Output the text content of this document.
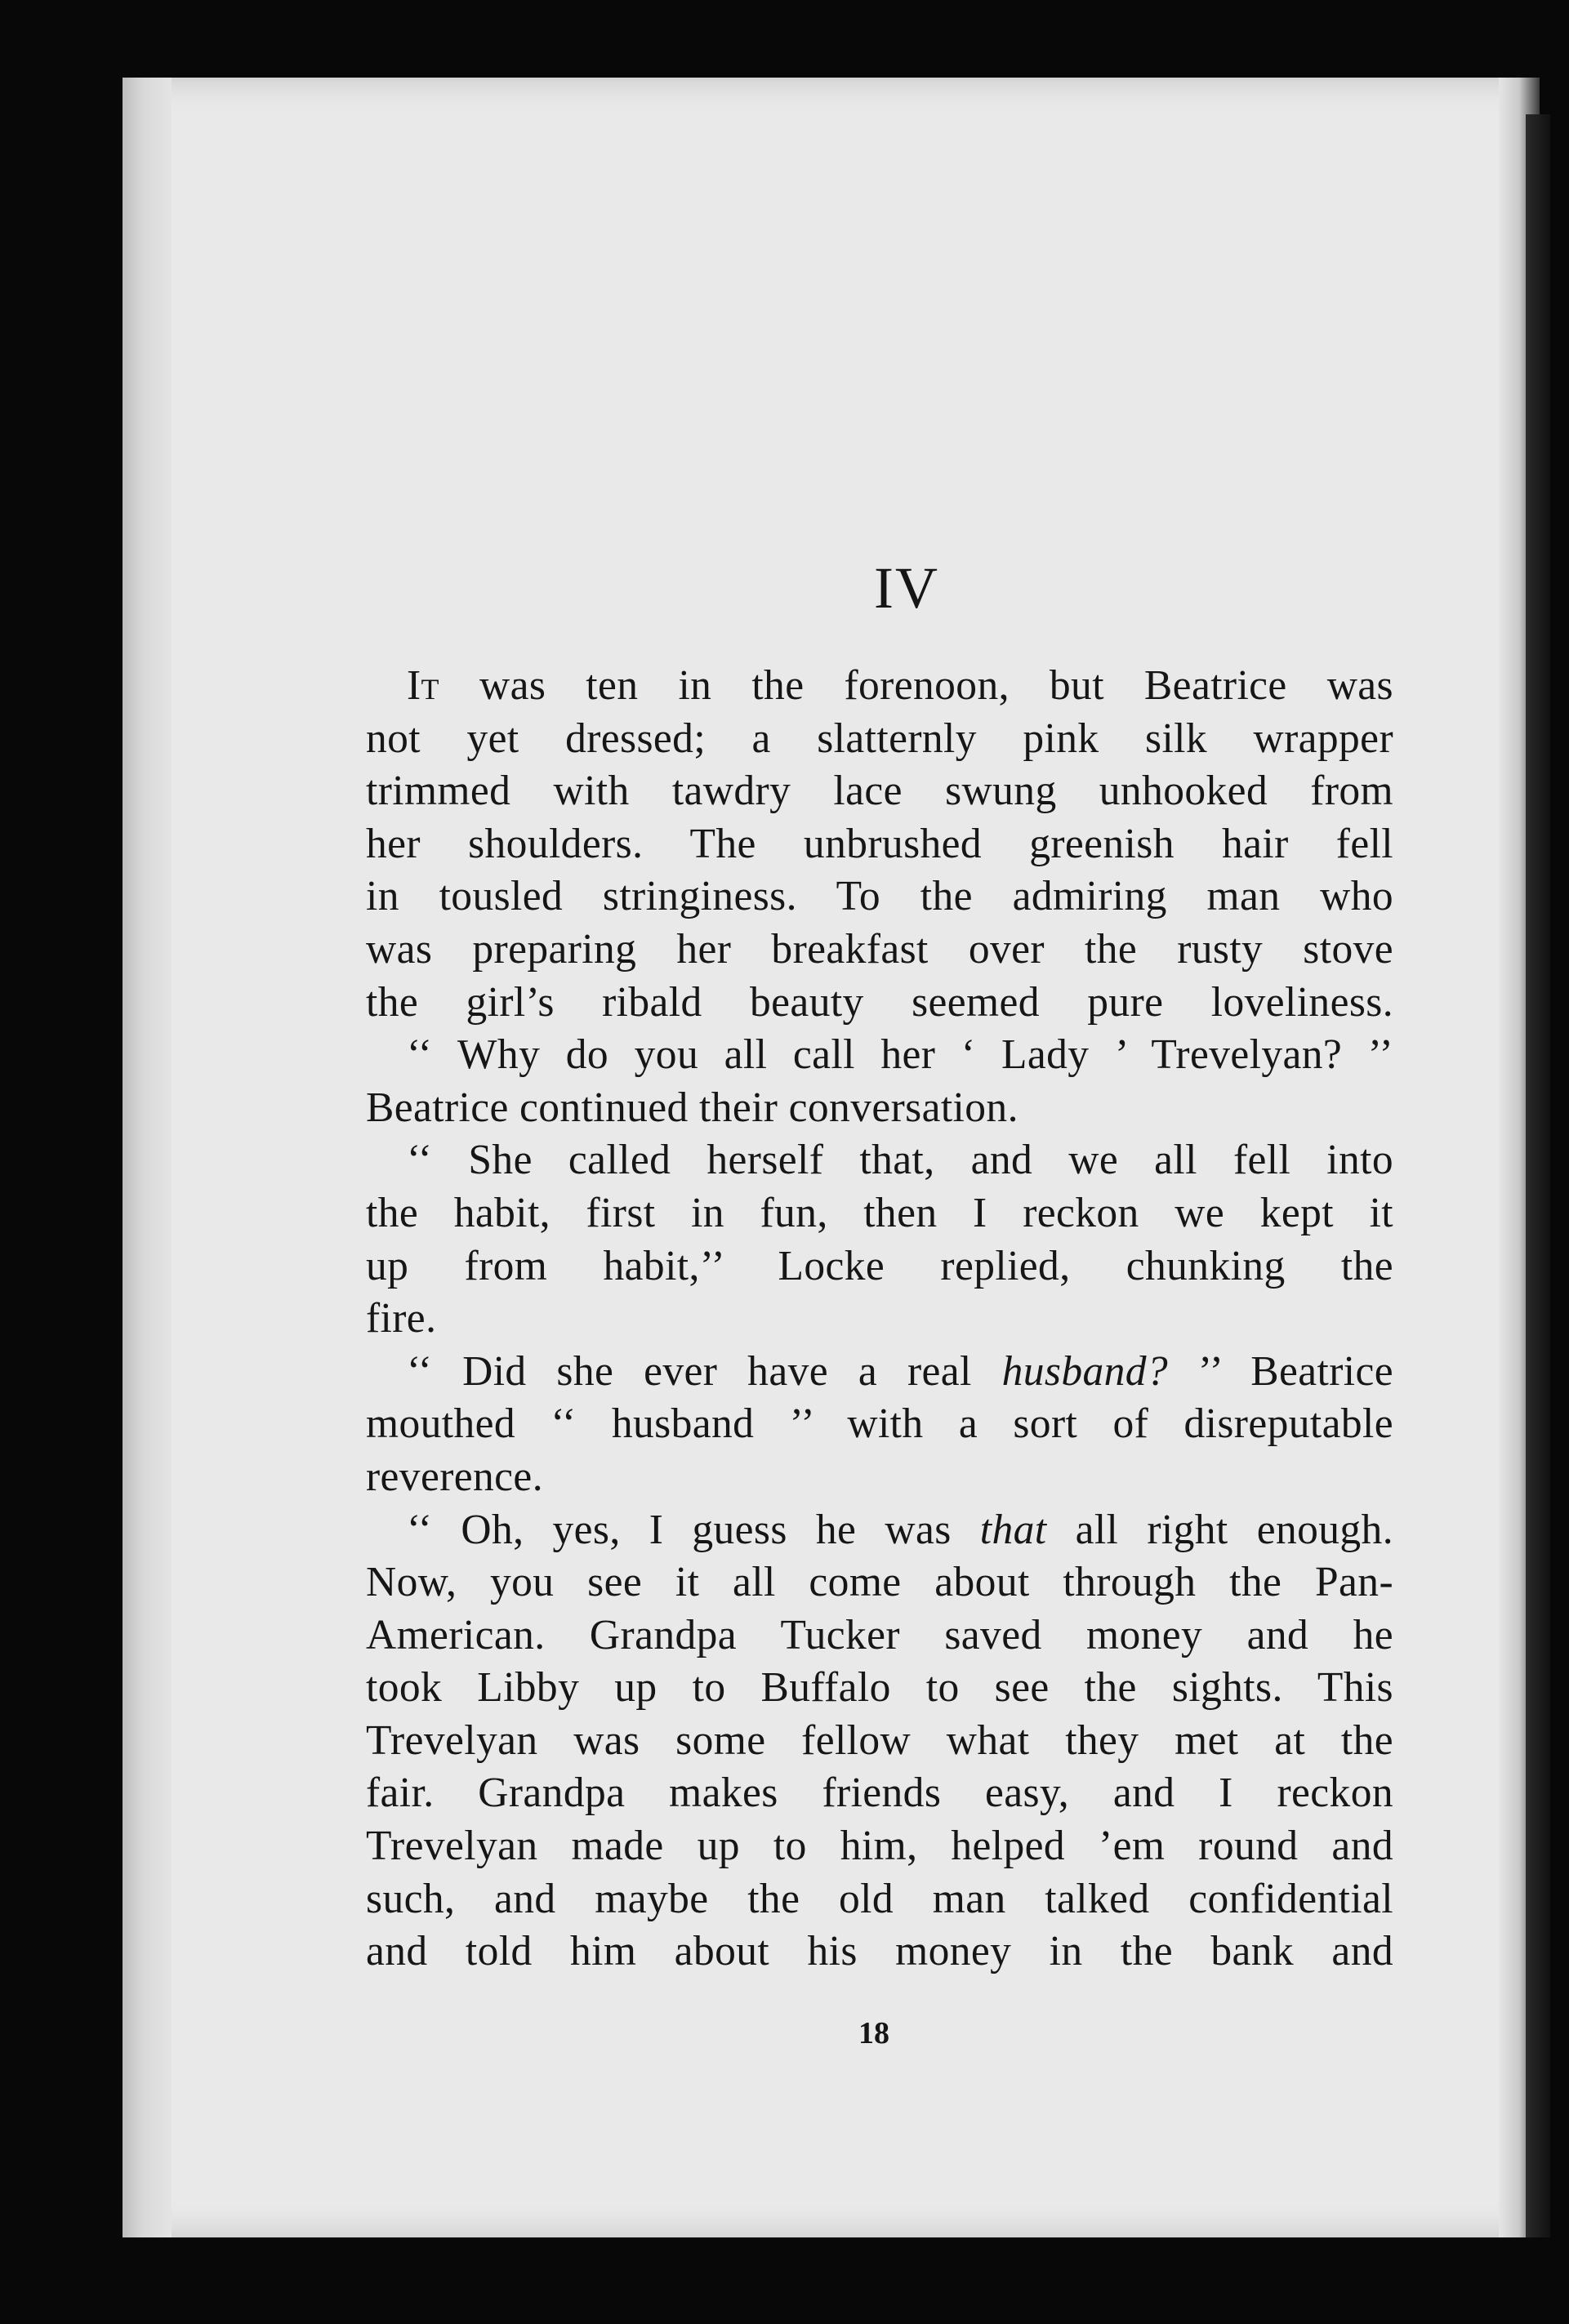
IV
It was ten in the forenoon, but Beatrice was
not yet dressed; a slatternly pink silk wrapper
trimmed with tawdry lace swung unhooked from
her shoulders. The unbrushed greenish hair fell
in tousled stringiness. To the admiring man who
was preparing her breakfast over the rusty stove
the girl’s ribald beauty seemed pure loveliness.
‘‘ Why do you all call her ‘ Lady ’ Trevelyan? ’’
Beatrice continued their conversation.
‘‘ She called herself that, and we all fell into
the habit, first in fun, then I reckon we kept it
up from habit,’’ Locke replied, chunking the
fire.
‘‘ Did she ever have a real husband? ’’ Beatrice
mouthed ‘‘ husband ’’ with a sort of disreputable
reverence.
‘‘ Oh, yes, I guess he was that all right enough.
Now, you see it all come about through the Pan-
American. Grandpa Tucker saved money and he
took Libby up to Buffalo to see the sights. This
Trevelyan was some fellow what they met at the
fair. Grandpa makes friends easy, and I reckon
Trevelyan made up to him, helped ’em round and
such, and maybe the old man talked confidential
and told him about his money in the bank and
18
